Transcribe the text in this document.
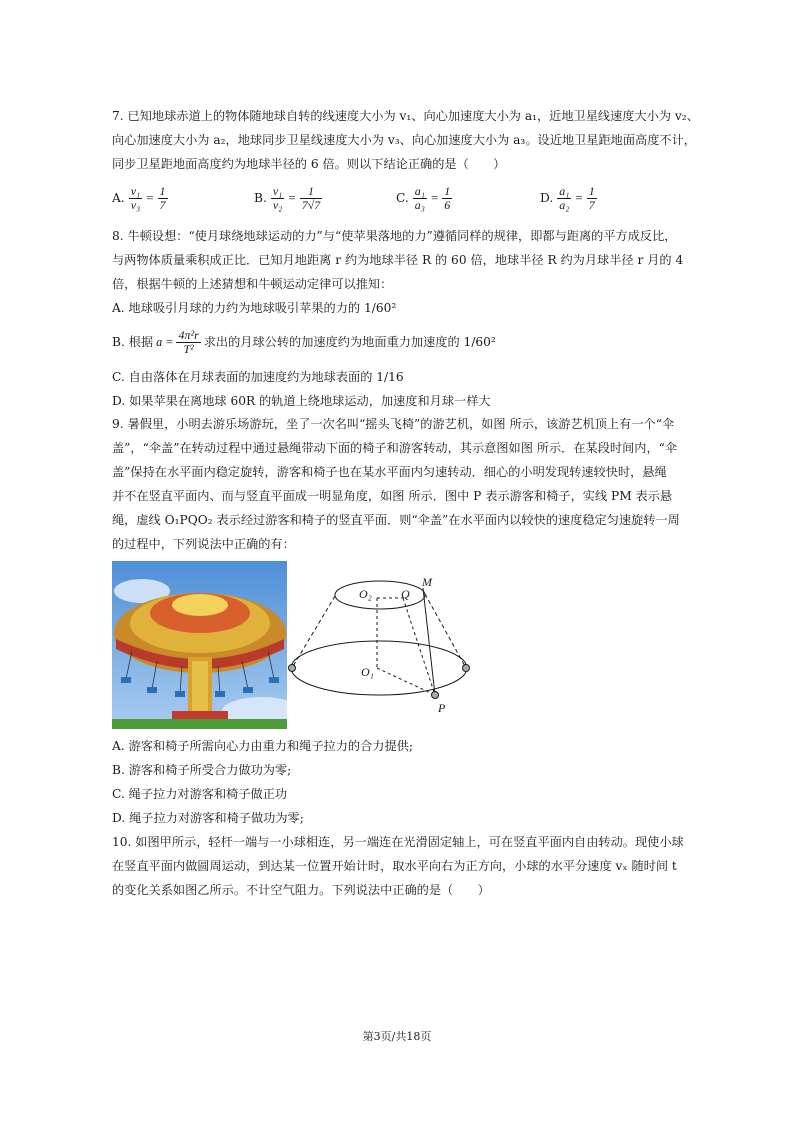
7. 已知地球赤道上的物体随地球自转的线速度大小为 v₁、向心加速度大小为 a₁，近地卫星线速度大小为 v₂、
向心加速度大小为 a₂，地球同步卫星线速度大小为 v₃、向心加速度大小为 a₃。设近地卫星距地面高度不计，
同步卫星距地面高度约为地球半径的 6 倍。则以下结论正确的是（　　）
A. $\frac{\text{v₁}}{\text{v₃}} = \frac{1}{7}$	B. $\frac{\text{v₁}}{\text{v₂}} = \frac{1}{7√7}$	C. $\frac{\text{a₁}}{\text{a₃}} = \frac{1}{6}$	D. $\frac{\text{a₁}}{\text{a₂}} = \frac{1}{7}$
8. 牛顿设想：“使月球绕地球运动的力”与“使苹果落地的力”遵循同样的规律，即都与距离的平方成反比，
与两物体质量乘积成正比．已知月地距离 r 约为地球半径 R 的 60 倍，地球半径 R 约为月球半径 r 月的 4
倍，根据牛顿的上述猜想和牛顿运动定律可以推知：
A. 地球吸引月球的力约为地球吸引苹果的力的 1/60²
B. 根据 $a = \frac{\text{4π²r}}{\text{T²}}$ 求出的月球公转的加速度约为地面重力加速度的 1/60²
C. 自由落体在月球表面的加速度约为地球表面的 1/16
D. 如果苹果在离地球 60R 的轨道上绕地球运动，加速度和月球一样大
9. 暑假里，小明去游乐场游玩，坐了一次名叫“摇头飞椅”的游艺机，如图 所示，该游艺机顶上有一个“伞
盖”，“伞盖”在转动过程中通过悬绳带动下面的椅子和游客转动，其示意图如图 所示．在某段时间内，“伞
盖”保持在水平面内稳定旋转，游客和椅子也在某水平面内匀速转动．细心的小明发现转速较快时，悬绳
并不在竖直平面内、而与竖直平面成一明显角度，如图 所示．图中 P 表示游客和椅子，实线 PM 表示悬
绳，虚线 O₁PQO₂ 表示经过游客和椅子的竖直平面．则“伞盖”在水平面内以较快的速度稳定匀速旋转一周
的过程中，下列说法中正确的有：
O₂ Q
M
O₁
P
A. 游客和椅子所需向心力由重力和绳子拉力的合力提供;
B. 游客和椅子所受合力做功为零;
C. 绳子拉力对游客和椅子做正功
D. 绳子拉力对游客和椅子做功为零;
10. 如图甲所示，轻杆一端与一小球相连，另一端连在光滑固定轴上，可在竖直平面内自由转动。现使小球
在竖直平面内做圆周运动，到达某一位置开始计时，取水平向右为正方向，小球的水平分速度 vₓ 随时间 t
的变化关系如图乙所示。不计空气阻力。下列说法中正确的是（　　）
第3页/共18页
